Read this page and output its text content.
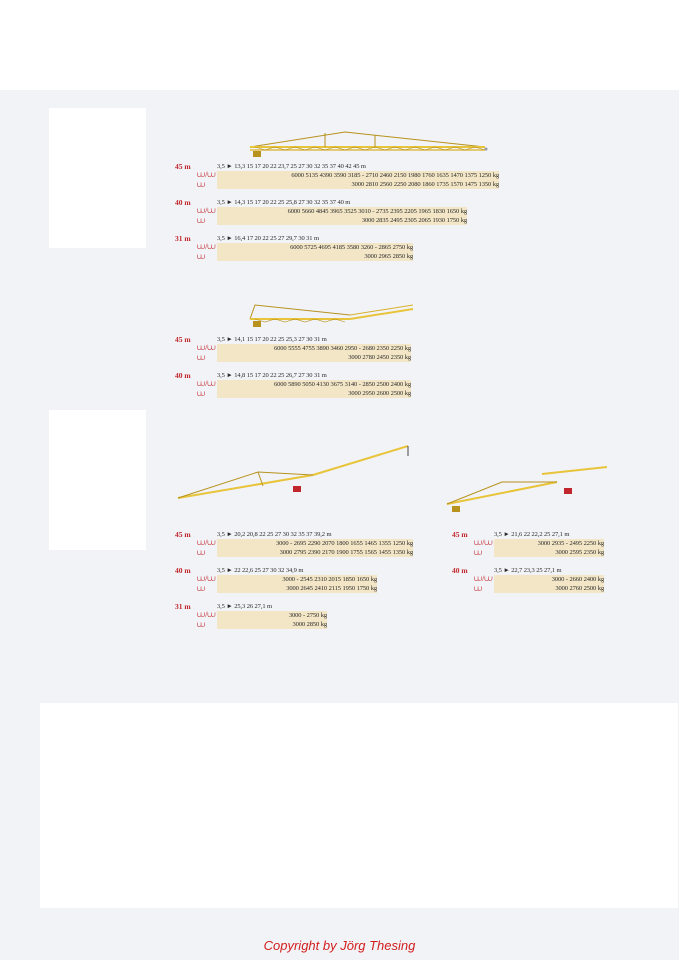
45 m
⩊/⩊
⩊
3,5 ► 13,3 15 17 20 22 23,7 25 27 30 32 35 37 40 42 45 m
6000 5135 4390 3590 3185 - 2710 2460 2150 1980 1760 1635 1470 1375 1250 kg
3000 2810 2560 2250 2080 1860 1735 1570 1475 1350 kg
40 m
⩊/⩊
⩊
3,5 ► 14,3 15 17 20 22 25 25,8 27 30 32 35 37 40 m
6000 5660 4845 3965 3525 3010 - 2735 2395 2205 1965 1830 1650 kg
3000 2835 2495 2305 2065 1930 1750 kg
31 m
⩊/⩊
⩊
3,5 ► 16,4 17 20 22 25 27 29,7 30 31 m
6000 5725 4695 4185 3580 3260 - 2865 2750 kg
3000 2965 2850 kg
45 m
⩊/⩊
⩊
3,5 ► 14,1 15 17 20 22 25 25,3 27 30 31 m
6000 5555 4755 3890 3460 2950 - 2680 2350 2250 kg
3000 2780 2450 2350 kg
40 m
⩊/⩊
⩊
3,5 ► 14,8 15 17 20 22 25 26,7 27 30 31 m
6000 5890 5050 4130 3675 3140 - 2850 2500 2400 kg
3000 2950 2600 2500 kg
45 m
⩊/⩊
⩊
3,5 ► 20,2 20,8 22 25 27 30 32 35 37 39,2 m
3000 - 2695 2290 2070 1800 1655 1465 1355 1250 kg
3000 2795 2390 2170 1900 1755 1565 1455 1350 kg
40 m
⩊/⩊
⩊
3,5 ► 22 22,6 25 27 30 32 34,9 m
3000 - 2545 2310 2015 1850 1650 kg
3000 2645 2410 2115 1950 1750 kg
31 m
⩊/⩊
⩊
3,5 ► 25,3 26 27,1 m
3000 - 2750 kg
3000 2850 kg
45 m
⩊/⩊
⩊
3,5 ► 21,6 22 22,2 25 27,1 m
3000 2935 - 2495 2250 kg
3000 2595 2350 kg
40 m
⩊/⩊
⩊
3,5 ► 22,7 23,3 25 27,1 m
3000 - 2660 2400 kg
3000 2760 2500 kg
Copyright by Jörg Thesing
